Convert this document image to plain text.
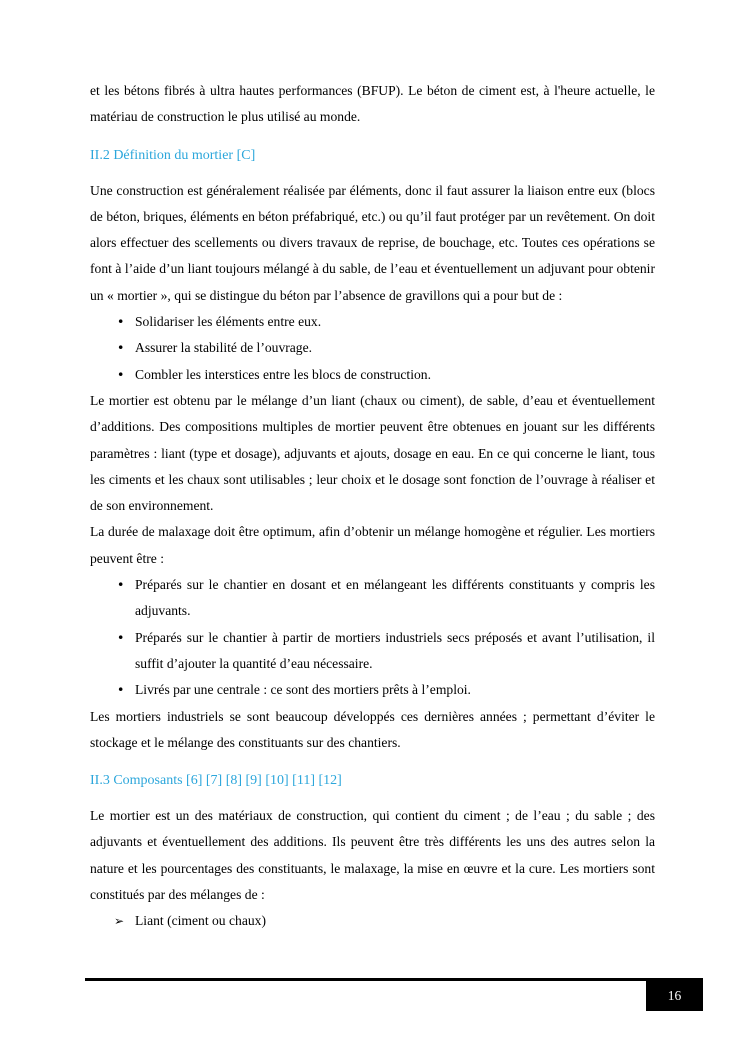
et les bétons fibrés à ultra hautes performances (BFUP). Le béton de ciment est, à l'heure actuelle, le matériau de construction le plus utilisé au monde.

II.2 Définition du mortier [C]

Une construction est généralement réalisée par éléments, donc il faut assurer la liaison entre eux (blocs de béton, briques, éléments en béton préfabriqué, etc.) ou qu’il faut protéger par un revêtement. On doit alors effectuer des scellements ou divers travaux de reprise, de bouchage, etc. Toutes ces opérations se font à l’aide d’un liant toujours mélangé à du sable, de l’eau et éventuellement un adjuvant pour obtenir un « mortier », qui se distingue du béton par l’absence de gravillons qui a pour but de :

• Solidariser les éléments entre eux.
• Assurer la stabilité de l’ouvrage.
• Combler les interstices entre les blocs de construction.

Le mortier est obtenu par le mélange d’un liant (chaux ou ciment), de sable, d’eau et éventuellement d’additions. Des compositions multiples de mortier peuvent être obtenues en jouant sur les différents paramètres : liant (type et dosage), adjuvants et ajouts, dosage en eau. En ce qui concerne le liant, tous les ciments et les chaux sont utilisables ; leur choix et le dosage sont fonction de l’ouvrage à réaliser et de son environnement.

La durée de malaxage doit être optimum, afin d’obtenir un mélange homogène et régulier. Les mortiers peuvent être :

• Préparés sur le chantier en dosant et en mélangeant les différents constituants y compris les adjuvants.
• Préparés sur le chantier à partir de mortiers industriels secs préposés et avant l’utilisation, il suffit d’ajouter la quantité d’eau nécessaire.
• Livrés par une centrale : ce sont des mortiers prêts à l’emploi.

Les mortiers industriels se sont beaucoup développés ces dernières années ; permettant d’éviter le stockage et le mélange des constituants sur des chantiers.

II.3 Composants [6] [7] [8] [9] [10] [11] [12]

Le mortier est un des matériaux de construction, qui contient du ciment ; de l’eau ; du sable ; des adjuvants et éventuellement des additions. Ils peuvent être très différents les uns des autres selon la nature et les pourcentages des constituants, le malaxage, la mise en œuvre et la cure. Les mortiers sont constitués par des mélanges de :

➢ Liant (ciment ou chaux)
16
